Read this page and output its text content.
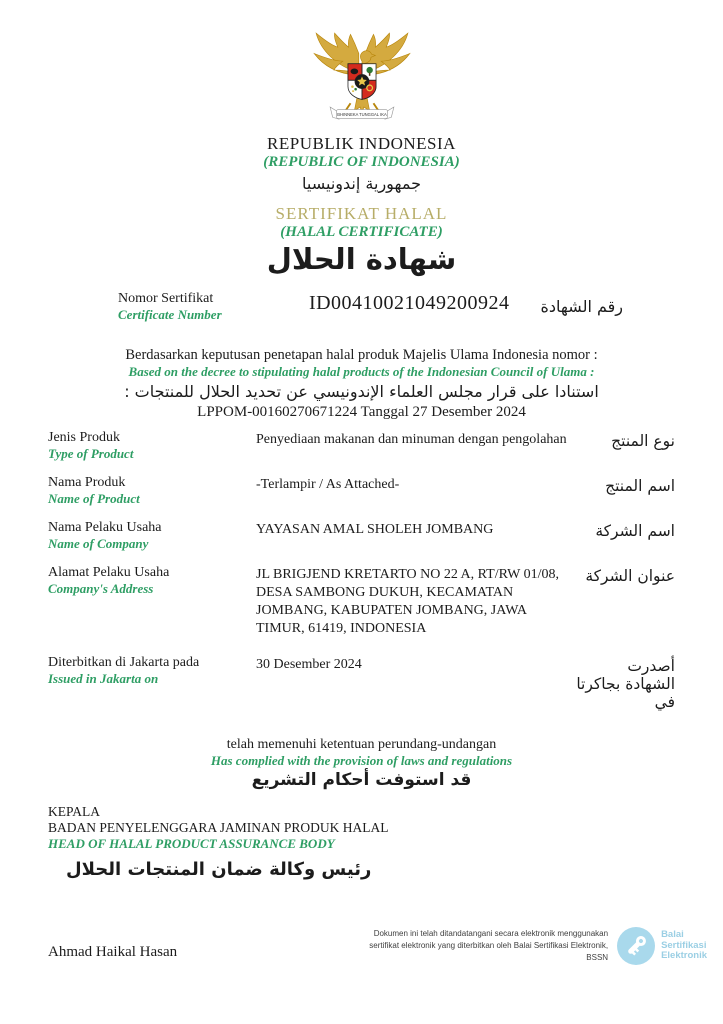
BHINNEKA TUNGGAL IKA
REPUBLIK INDONESIA
(REPUBLIC OF INDONESIA)
جمهورية إندونيسيا
SERTIFIKAT HALAL
(HALAL CERTIFICATE)
شهادة الحلال
Nomor Sertifikat
Certificate Number
ID00410021049200924	رقم الشهادة
Berdasarkan keputusan penetapan halal produk Majelis Ulama Indonesia nomor :
Based on the decree to stipulating halal products of the Indonesian Council of Ulama :
استنادا على قرار مجلس العلماء الإندونيسي عن تحديد الحلال للمنتجات :
LPPOM-00160270671224 Tanggal 27 Desember 2024
Jenis Produk
Type of Product
Penyediaan makanan dan minuman dengan pengolahan	نوع المنتج
Nama Produk
Name of Product
-Terlampir / As Attached-	اسم المنتج
Nama Pelaku Usaha
Name of Company
YAYASAN AMAL SHOLEH JOMBANG	اسم الشركة
Alamat Pelaku Usaha
Company's Address
JL BRIGJEND KRETARTO NO 22 A, RT/RW 01/08, DESA SAMBONG DUKUH, KECAMATAN JOMBANG, KABUPATEN JOMBANG, JAWA TIMUR, 61419, INDONESIA
عنوان الشركة
Diterbitkan di Jakarta pada
Issued in Jakarta on
30 Desember 2024	أصدرت الشهادة بجاكرتا في
telah memenuhi ketentuan perundang-undangan
Has complied with the provision of laws and regulations
قد استوفت أحكام التشريع
KEPALA
BADAN PENYELENGGARA JAMINAN PRODUK HALAL
HEAD OF HALAL PRODUCT ASSURANCE BODY
رئيس وكالة ضمان المنتجات الحلال
Ahmad Haikal Hasan
Dokumen ini telah ditandatangani secara elektronik menggunakan sertifikat elektronik yang diterbitkan oleh Balai Sertifikasi Elektronik, BSSN
Balai
Sertifikasi
Elektronik
